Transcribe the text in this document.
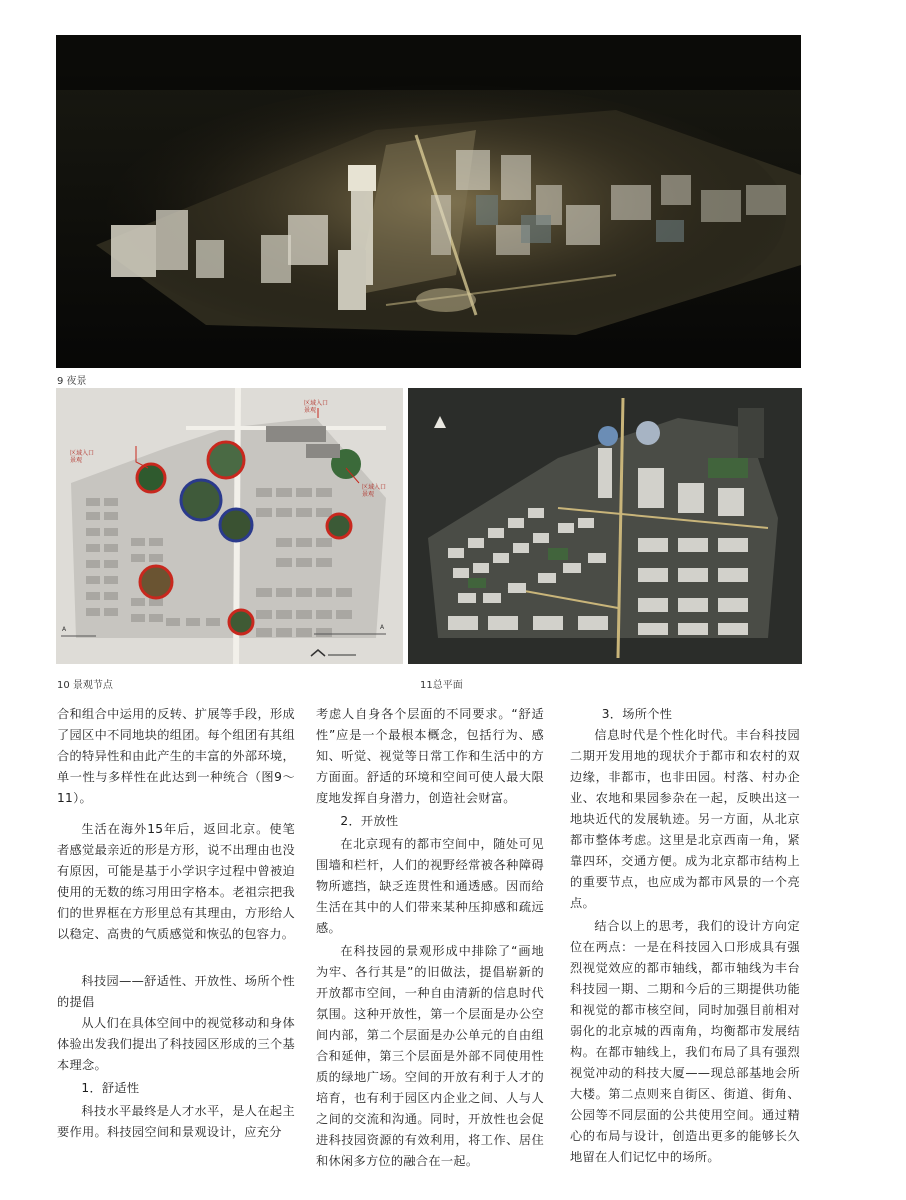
9 夜景
区域入口景观
区域入口景观
区域入口景观
A	A
10 景观节点	11总平面

合和组合中运用的反转、扩展等手段，形成了园区中不同地块的组团。每个组团有其组合的特异性和由此产生的丰富的外部环境，单一性与多样性在此达到一种统合（图9～11）。

生活在海外15年后，返回北京。使笔者感觉最亲近的形是方形，说不出理由也没有原因，可能是基于小学识字过程中曾被迫使用的无数的练习用田字格本。老祖宗把我们的世界框在方形里总有其理由，方形给人以稳定、高贵的气质感觉和恢弘的包容力。

科技园——舒适性、开放性、场所个性的提倡

从人们在具体空间中的视觉移动和身体体验出发我们提出了科技园区形成的三个基本理念。

1．舒适性

科技水平最终是人才水平，是人在起主要作用。科技园空间和景观设计，应充分

考虑人自身各个层面的不同要求。“舒适性”应是一个最根本概念，包括行为、感知、听觉、视觉等日常工作和生活中的方方面面。舒适的环境和空间可使人最大限度地发挥自身潜力，创造社会财富。

2．开放性

在北京现有的都市空间中，随处可见围墙和栏杆，人们的视野经常被各种障碍物所遮挡，缺乏连贯性和通透感。因而给生活在其中的人们带来某种压抑感和疏远感。

在科技园的景观形成中排除了“画地为牢、各行其是”的旧做法，提倡崭新的开放都市空间，一种自由清新的信息时代氛围。这种开放性，第一个层面是办公空间内部，第二个层面是办公单元的自由组合和延伸，第三个层面是外部不同使用性质的绿地广场。空间的开放有利于人才的培育，也有利于园区内企业之间、人与人之间的交流和沟通。同时，开放性也会促进科技园资源的有效利用，将工作、居住和休闲多方位的融合在一起。

3．场所个性

信息时代是个性化时代。丰台科技园二期开发用地的现状介于都市和农村的双边缘，非都市，也非田园。村落、村办企业、农地和果园参杂在一起，反映出这一地块近代的发展轨迹。另一方面，从北京都市整体考虑。这里是北京西南一角，紧靠四环，交通方便。成为北京都市结构上的重要节点，也应成为都市风景的一个亮点。

结合以上的思考，我们的设计方向定位在两点：一是在科技园入口形成具有强烈视觉效应的都市轴线，都市轴线为丰台科技园一期、二期和今后的三期提供功能和视觉的都市核空间，同时加强目前相对弱化的北京城的西南角，均衡都市发展结构。在都市轴线上，我们布局了具有强烈视觉冲动的科技大厦——现总部基地会所大楼。第二点则来自街区、街道、街角、公园等不同层面的公共使用空间。通过精心的布局与设计，创造出更多的能够长久地留在人们记忆中的场所。
